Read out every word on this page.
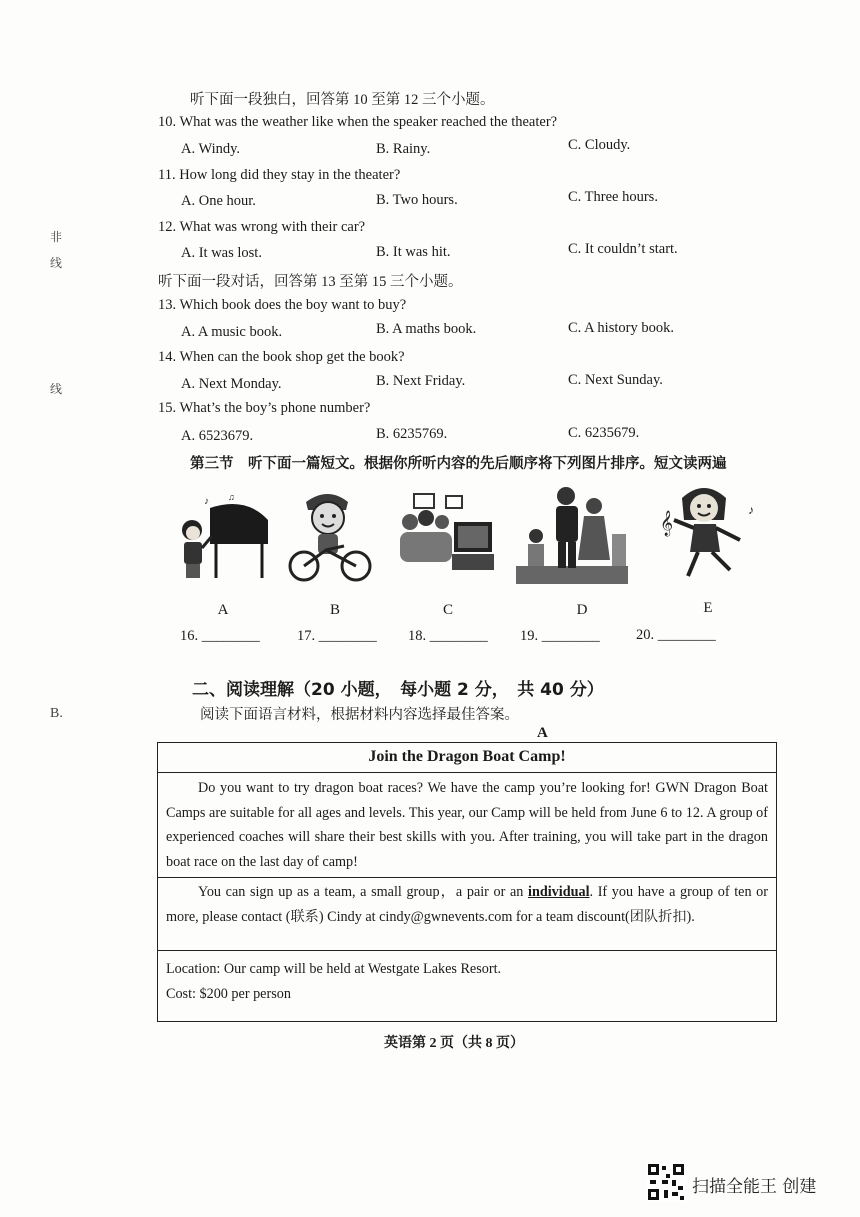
听下面一段独白，回答第 10 至第 12 三个小题。
10. What was the weather like when the speaker reached the theater?
A. Windy.	B. Rainy.	C. Cloudy.
11. How long did they stay in the theater?
A. One hour.	B. Two hours.	C. Three hours.
12. What was wrong with their car?
A. It was lost.	B. It was hit.	C. It couldn’t start.
听下面一段对话，回答第 13 至第 15 三个小题。
13. Which book does the boy want to buy?
A. A music book.	B. A maths book.	C. A history book.
14. When can the book shop get the book?
A. Next Monday.	B. Next Friday.	C. Next Sunday.
15. What’s the boy’s phone number?
A. 6523679.	B. 6235769.	C. 6235679.
第三节　听下面一篇短文。根据你所听内容的先后顺序将下列图片排序。短文读两遍
♪ ♫
𝄞	♪
A	B	C	D	E
16. ________	17. ________ 18. ________ 19. ________	20. ________
二、阅读理解（20 小题，　每小题 2 分，　共 40 分）
阅读下面语言材料，根据材料内容选择最佳答案。
A
Join the Dragon Boat Camp!

Do you want to try dragon boat races? We have the camp you’re looking for! GWN Dragon Boat Camps are suitable for all ages and levels. This year, our Camp will be held from June 6 to 12. A group of experienced coaches will share their best skills with you. After training, you will take part in the dragon boat race on the last day of camp!

You can sign up as a team, a small group，a pair or an individual. If you have a group of ten or more, please contact (联系) Cindy at cindy@gwnevents.com for a team discount(团队折扣).

Location: Our camp will be held at Westgate Lakes Resort.
Cost: $200 per person
英语第 2 页（共 8 页）
非
线
线
B.
扫描全能王 创建
